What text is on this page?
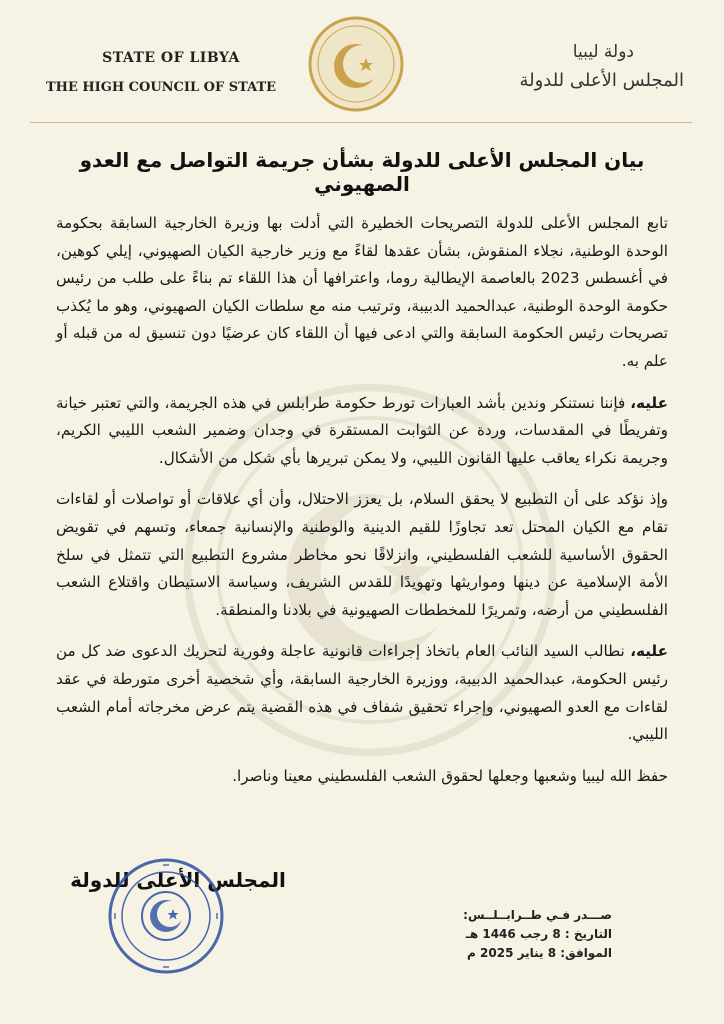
STATE OF LIBYA
THE HIGH COUNCIL OF STATE
دولة ليبيا
المجلس الأعلى للدولة
بيان المجلس الأعلى للدولة بشأن جريمة التواصل مع العدو الصهيوني

تابع المجلس الأعلى للدولة التصريحات الخطيرة التي أدلت بها وزيرة الخارجية السابقة بحكومة الوحدة الوطنية، نجلاء المنقوش، بشأن عقدها لقاءً مع وزير خارجية الكيان الصهيوني، إيلي كوهين، في أغسطس 2023 بالعاصمة الإيطالية روما، واعترافها أن هذا اللقاء تم بناءً على طلب من رئيس حكومة الوحدة الوطنية، عبدالحميد الدبيبة، وترتيب منه مع سلطات الكيان الصهيوني، وهو ما يُكذب تصريحات رئيس الحكومة السابقة والتي ادعى فيها أن اللقاء كان عرضيًا دون تنسيق له من قبله أو علم به.

عليه، فإننا نستنكر وندين بأشد العبارات تورط حكومة طرابلس في هذه الجريمة، والتي تعتبر خيانة وتفريطًا في المقدسات، وردة عن الثوابت المستقرة في وجدان وضمير الشعب الليبي الكريم، وجريمة نكراء يعاقب عليها القانون الليبي، ولا يمكن تبريرها بأي شكل من الأشكال.

وإذ نؤكد على أن التطبيع لا يحقق السلام، بل يعزز الاحتلال، وأن أي علاقات أو تواصلات أو لقاءات تقام مع الكيان المحتل تعد تجاوزًا للقيم الدينية والوطنية والإنسانية جمعاء، وتسهم في تقويض الحقوق الأساسية للشعب الفلسطيني، وانزلاقًا نحو مخاطر مشروع التطبيع التي تتمثل في سلخ الأمة الإسلامية عن دينها ومواريثها وتهويدًا للقدس الشريف، وسياسة الاستيطان واقتلاع الشعب الفلسطيني من أرضه، وتمريرًا للمخططات الصهيونية في بلادنا والمنطقة.

عليه، نطالب السيد النائب العام باتخاذ إجراءات قانونية عاجلة وفورية لتحريك الدعوى ضد كل من رئيس الحكومة، عبدالحميد الدبيبة، ووزيرة الخارجية السابقة، وأي شخصية أخرى متورطة في عقد لقاءات مع العدو الصهيوني، وإجراء تحقيق شفاف في هذه القضية يتم عرض مخرجاته أمام الشعب الليبي.

حفظ الله ليبيا وشعبها وجعلها لحقوق الشعب الفلسطيني معينا وناصرا.

المجلس الأعلى للدولة
صـــدر فـي طــرابــلــس:
التاريخ : 8 رجب 1446 هـ
الموافق: 8 يناير 2025 م
